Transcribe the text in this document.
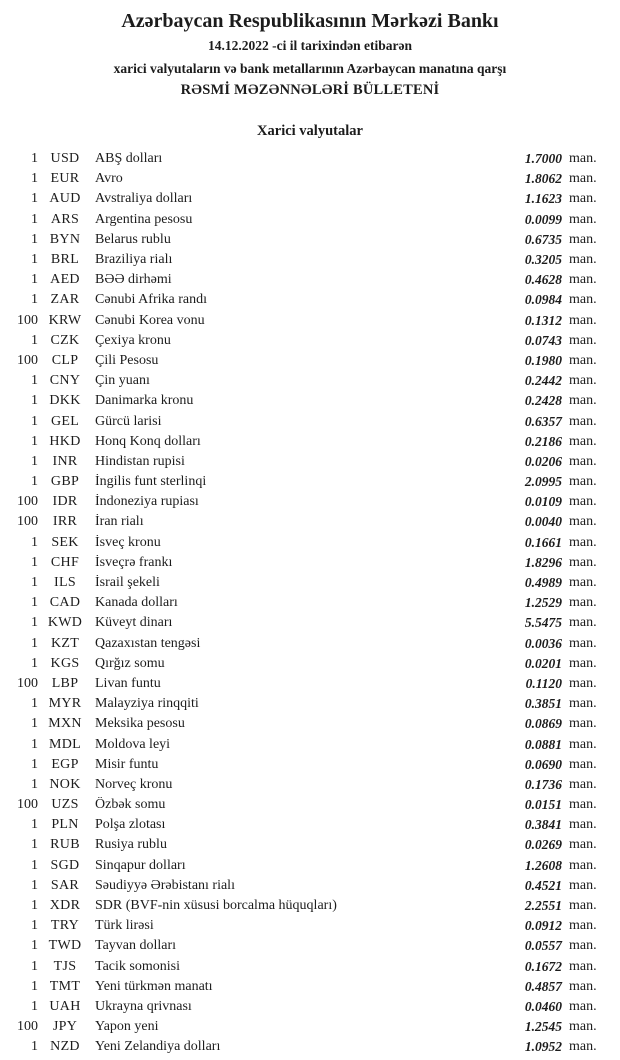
Azərbaycan Respublikasının Mərkəzi Bankı
14.12.2022 -ci il tarixindən etibarən
xarici valyutaların və bank metallarının Azərbaycan manatına qarşı
RƏSMİ MƏZƏNNƏLƏRİ BÜLLETENİ
Xarici valyutalar
1 USD	ABŞ dolları	1.7000 man.
1 EUR	Avro	1.8062 man.
1 AUD	Avstraliya dolları	1.1623 man.
1 ARS	Argentina pesosu	0.0099 man.
1 BYN	Belarus rublu	0.6735 man.
1 BRL	Braziliya rialı	0.3205 man.
1 AED	BƏƏ dirhəmi	0.4628 man.
1 ZAR	Cənubi Afrika randı	0.0984 man.
100 KRW Cənubi Korea vonu	0.1312 man.
1 CZK	Çexiya kronu	0.0743 man.
100 CLP	Çili Pesosu	0.1980 man.
1 CNY	Çin yuanı	0.2442 man.
1 DKK	Danimarka kronu	0.2428 man.
1 GEL	Gürcü larisi	0.6357 man.
1 HKD	Honq Konq dolları	0.2186 man.
1	INR	Hindistan rupisi	0.0206 man.
1 GBP	İngilis funt sterlinqi	2.0995 man.
100	IDR	İndoneziya rupiası	0.0109 man.
100	IRR	İran rialı	0.0040 man.
1 SEK	İsveç kronu	0.1661 man.
1 CHF	İsveçrə frankı	1.8296 man.
1	ILS	İsrail şekeli	0.4989 man.
1 CAD	Kanada dolları	1.2529 man.
1 KWD Küveyt dinarı	5.5475 man.
1 KZT	Qazaxıstan tengəsi	0.0036 man.
1 KGS	Qırğız somu	0.0201 man.
100 LBP	Livan funtu	0.1120 man.
1 MYR Malayziya rinqqiti	0.3851 man.
1 MXN Meksika pesosu	0.0869 man.
1 MDL	Moldova leyi	0.0881 man.
1 EGP	Misir funtu	0.0690 man.
1 NOK	Norveç kronu	0.1736 man.
100 UZS	Özbək somu	0.0151 man.
1 PLN	Polşa zlotası	0.3841 man.
1 RUB	Rusiya rublu	0.0269 man.
1 SGD	Sinqapur dolları	1.2608 man.
1 SAR	Səudiyyə Ərəbistanı rialı	0.4521 man.
1 XDR	SDR (BVF-nin xüsusi borcalma hüquqları)	2.2551 man.
1 TRY	Türk lirəsi	0.0912 man.
1 TWD Tayvan dolları	0.0557 man.
1	TJS	Tacik somonisi	0.1672 man.
1 TMT	Yeni türkmən manatı	0.4857 man.
1 UAH	Ukrayna qrivnası	0.0460 man.
100	JPY	Yapon yeni	1.2545 man.
1 NZD	Yeni Zelandiya dolları	1.0952 man.
